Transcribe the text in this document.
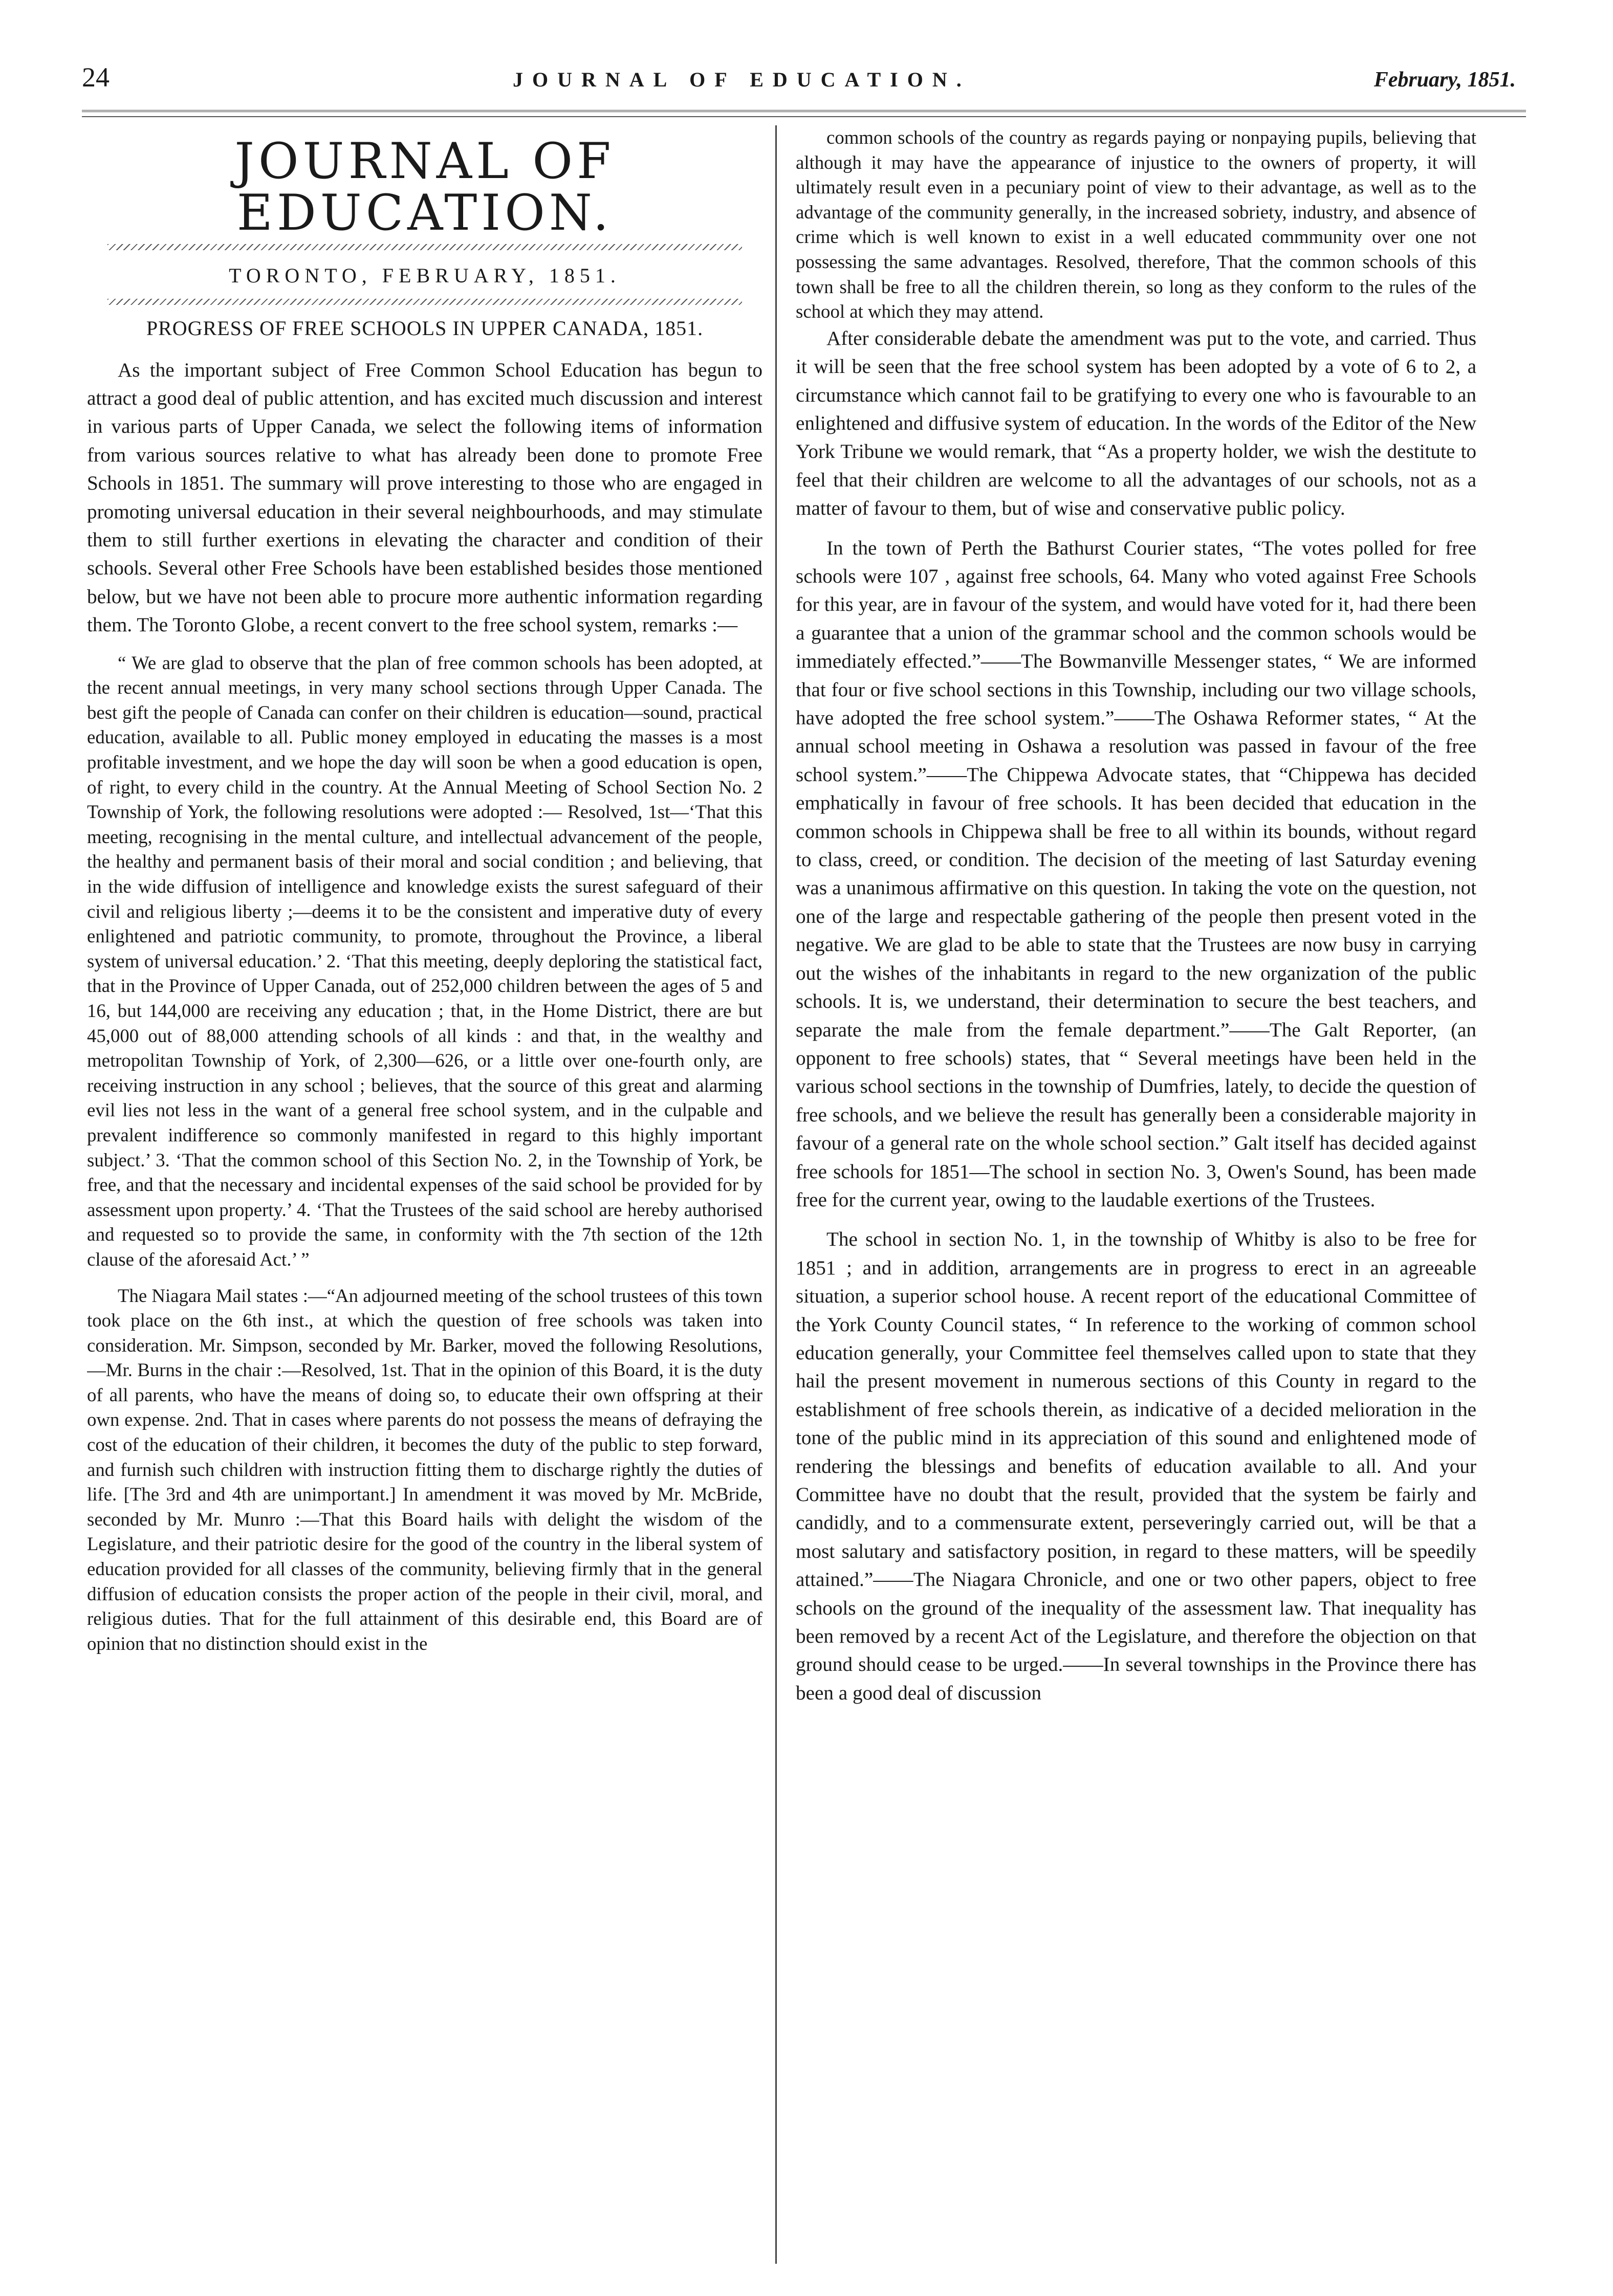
24	JOURNAL OF EDUCATION.	February, 1851.
JOURNAL OF EDUCATION.
TORONTO, FEBRUARY, 1851.
PROGRESS OF FREE SCHOOLS IN UPPER CANADA, 1851.

As the important subject of Free Common School Education has begun to attract a good deal of public attention, and has excited much discussion and interest in various parts of Upper Canada, we select the following items of information from various sources relative to what has already been done to promote Free Schools in 1851. The summary will prove interesting to those who are engaged in promoting universal education in their several neighbourhoods, and may stimulate them to still further exertions in elevating the character and condition of their schools. Several other Free Schools have been established besides those mentioned below, but we have not been able to procure more authentic information regarding them. The Toronto Globe, a recent convert to the free school system, remarks :—

“ We are glad to observe that the plan of free common schools has been adopted, at the recent annual meetings, in very many school sections through Upper Canada. The best gift the people of Canada can confer on their children is education—sound, practical education, available to all. Public money employed in educating the masses is a most profitable investment, and we hope the day will soon be when a good education is open, of right, to every child in the country. At the Annual Meeting of School Section No. 2 Township of York, the following resolutions were adopted :— Resolved, 1st—‘That this meeting, recognising in the mental culture, and intellectual advancement of the people, the healthy and permanent basis of their moral and social condition ; and believing, that in the wide diffusion of intelligence and knowledge exists the surest safeguard of their civil and religious liberty ;—deems it to be the consistent and imperative duty of every enlightened and patriotic community, to promote, throughout the Province, a liberal system of universal education.’ 2. ‘That this meeting, deeply deploring the statistical fact, that in the Province of Upper Canada, out of 252,000 children between the ages of 5 and 16, but 144,000 are receiving any education ; that, in the Home District, there are but 45,000 out of 88,000 attending schools of all kinds : and that, in the wealthy and metropolitan Township of York, of 2,300—626, or a little over one-fourth only, are receiving instruction in any school ; believes, that the source of this great and alarming evil lies not less in the want of a general free school system, and in the culpable and prevalent indifference so commonly manifested in regard to this highly important subject.’ 3. ‘That the common school of this Section No. 2, in the Township of York, be free, and that the necessary and incidental expenses of the said school be provided for by assessment upon property.’ 4. ‘That the Trustees of the said school are hereby authorised and requested so to provide the same, in conformity with the 7th section of the 12th clause of the aforesaid Act.’ ”

The Niagara Mail states :—“An adjourned meeting of the school trustees of this town took place on the 6th inst., at which the question of free schools was taken into consideration. Mr. Simpson, seconded by Mr. Barker, moved the following Resolutions,—Mr. Burns in the chair :—Resolved, 1st. That in the opinion of this Board, it is the duty of all parents, who have the means of doing so, to educate their own offspring at their own expense. 2nd. That in cases where parents do not possess the means of defraying the cost of the education of their children, it becomes the duty of the public to step forward, and furnish such children with instruction fitting them to discharge rightly the duties of life. [The 3rd and 4th are unimportant.] In amendment it was moved by Mr. McBride, seconded by Mr. Munro :—That this Board hails with delight the wisdom of the Legislature, and their patriotic desire for the good of the country in the liberal system of education provided for all classes of the community, believing firmly that in the general diffusion of education consists the proper action of the people in their civil, moral, and religious duties. That for the full attainment of this desirable end, this Board are of opinion that no distinction should exist in the

common schools of the country as regards paying or nonpaying pupils, believing that although it may have the appearance of injustice to the owners of property, it will ultimately result even in a pecuniary point of view to their advantage, as well as to the advantage of the community generally, in the increased sobriety, industry, and absence of crime which is well known to exist in a well educated commmunity over one not possessing the same advantages. Resolved, therefore, That the common schools of this town shall be free to all the children therein, so long as they conform to the rules of the school at which they may attend.

After considerable debate the amendment was put to the vote, and carried. Thus it will be seen that the free school system has been adopted by a vote of 6 to 2, a circumstance which cannot fail to be gratifying to every one who is favourable to an enlightened and diffusive system of education. In the words of the Editor of the New York Tribune we would remark, that “As a property holder, we wish the destitute to feel that their children are welcome to all the advantages of our schools, not as a matter of favour to them, but of wise and conservative public policy.

In the town of Perth the Bathurst Courier states, “The votes polled for free schools were 107 , against free schools, 64. Many who voted against Free Schools for this year, are in favour of the system, and would have voted for it, had there been a guarantee that a union of the grammar school and the common schools would be immediately effected.”——The Bowmanville Messenger states, “ We are informed that four or five school sections in this Township, including our two village schools, have adopted the free school system.”——The Oshawa Reformer states, “ At the annual school meeting in Oshawa a resolution was passed in favour of the free school system.”——The Chippewa Advocate states, that “Chippewa has decided emphatically in favour of free schools. It has been decided that education in the common schools in Chippewa shall be free to all within its bounds, without regard to class, creed, or condition. The decision of the meeting of last Saturday evening was a unanimous affirmative on this question. In taking the vote on the question, not one of the large and respectable gathering of the people then present voted in the negative. We are glad to be able to state that the Trustees are now busy in carrying out the wishes of the inhabitants in regard to the new organization of the public schools. It is, we understand, their determination to secure the best teachers, and separate the male from the female department.”——The Galt Reporter, (an opponent to free schools) states, that “ Several meetings have been held in the various school sections in the township of Dumfries, lately, to decide the question of free schools, and we believe the result has generally been a considerable majority in favour of a general rate on the whole school section.” Galt itself has decided against free schools for 1851—The school in section No. 3, Owen's Sound, has been made free for the current year, owing to the laudable exertions of the Trustees.

The school in section No. 1, in the township of Whitby is also to be free for 1851 ; and in addition, arrangements are in progress to erect in an agreeable situation, a superior school house. A recent report of the educational Committee of the York County Council states, “ In reference to the working of common school education generally, your Committee feel themselves called upon to state that they hail the present movement in numerous sections of this County in regard to the establishment of free schools therein, as indicative of a decided melioration in the tone of the public mind in its appreciation of this sound and enlightened mode of rendering the blessings and benefits of education available to all. And your Committee have no doubt that the result, provided that the system be fairly and candidly, and to a commensurate extent, perseveringly carried out, will be that a most salutary and satisfactory position, in regard to these matters, will be speedily attained.”——The Niagara Chronicle, and one or two other papers, object to free schools on the ground of the inequality of the assessment law. That inequality has been removed by a recent Act of the Legislature, and therefore the objection on that ground should cease to be urged.——In several townships in the Province there has been a good deal of discussion
